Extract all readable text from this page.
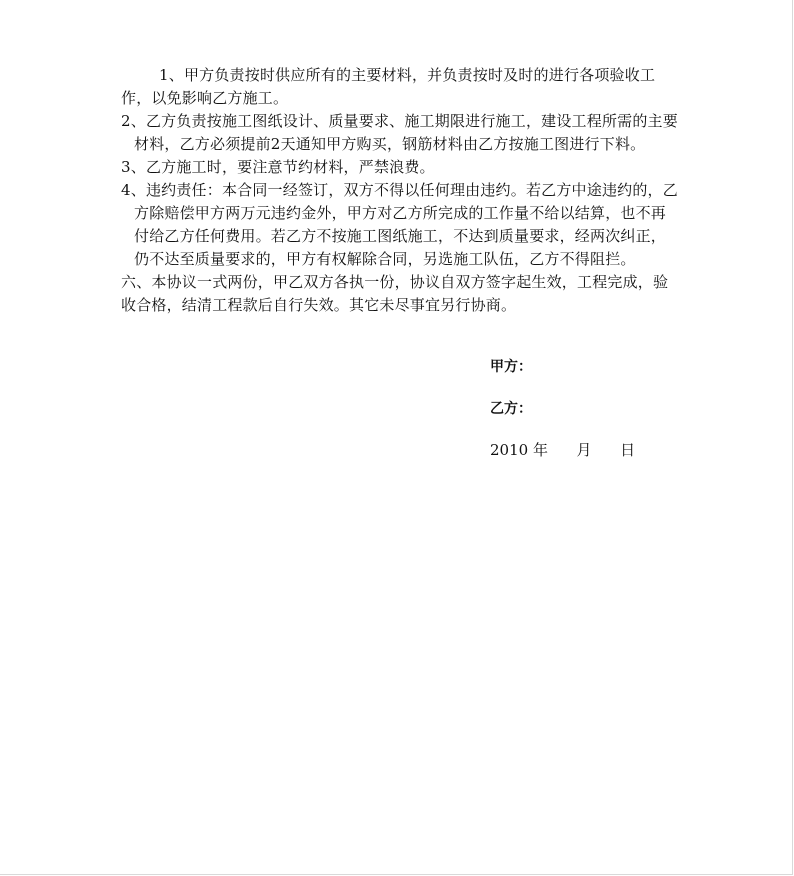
1、甲方负责按时供应所有的主要材料，并负责按时及时的进行各项验收工作，以免影响乙方施工。

2、乙方负责按施工图纸设计、质量要求、施工期限进行施工，建设工程所需的主要材料，乙方必须提前2天通知甲方购买，钢筋材料由乙方按施工图进行下料。

3、乙方施工时，要注意节约材料，严禁浪费。

4、违约责任：本合同一经签订，双方不得以任何理由违约。若乙方中途违约的，乙方除赔偿甲方两万元违约金外，甲方对乙方所完成的工作量不给以结算，也不再付给乙方任何费用。若乙方不按施工图纸施工，不达到质量要求，经两次纠正，仍不达至质量要求的，甲方有权解除合同，另选施工队伍，乙方不得阻拦。

六、本协议一式两份，甲乙双方各执一份，协议自双方签字起生效，工程完成，验收合格，结清工程款后自行失效。其它未尽事宜另行协商。

甲方：
乙方：
2010 年      月      日
